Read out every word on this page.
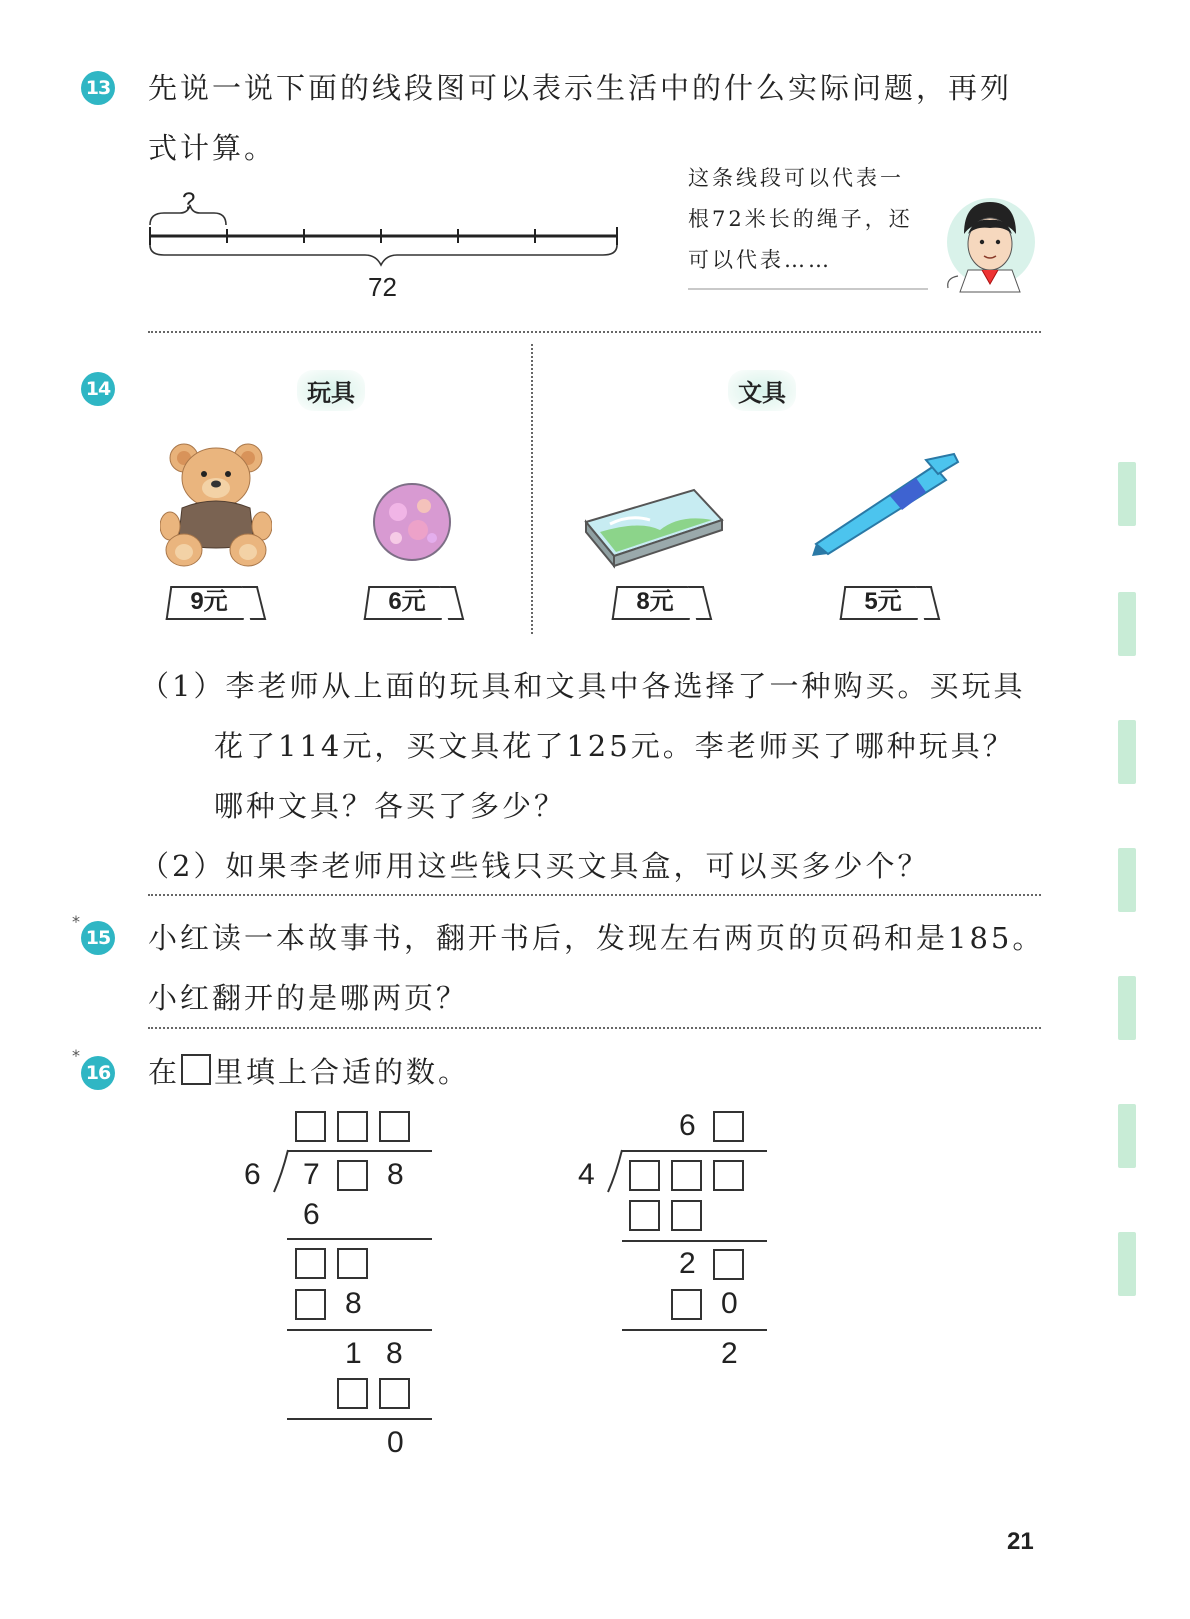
13 先说一说下面的线段图可以表示生活中的什么实际问题，再列
式计算。
?
72
这条线段可以代表一
根72米长的绳子，还
可以代表……
14	玩具	文具
9元	6元	8元	5元
（1）李老师从上面的玩具和文具中各选择了一种购买。买玩具
花了114元，买文具花了125元。李老师买了哪种玩具？
哪种文具？各买了多少？
（2）如果李老师用这些钱只买文具盒，可以买多少个？
*
15 小红读一本故事书，翻开书后，发现左右两页的页码和是185。
小红翻开的是哪两页？
*
16 在 里填上合适的数。
6 7 8
6
8
1 8
0
6
4
2
0
2
21
